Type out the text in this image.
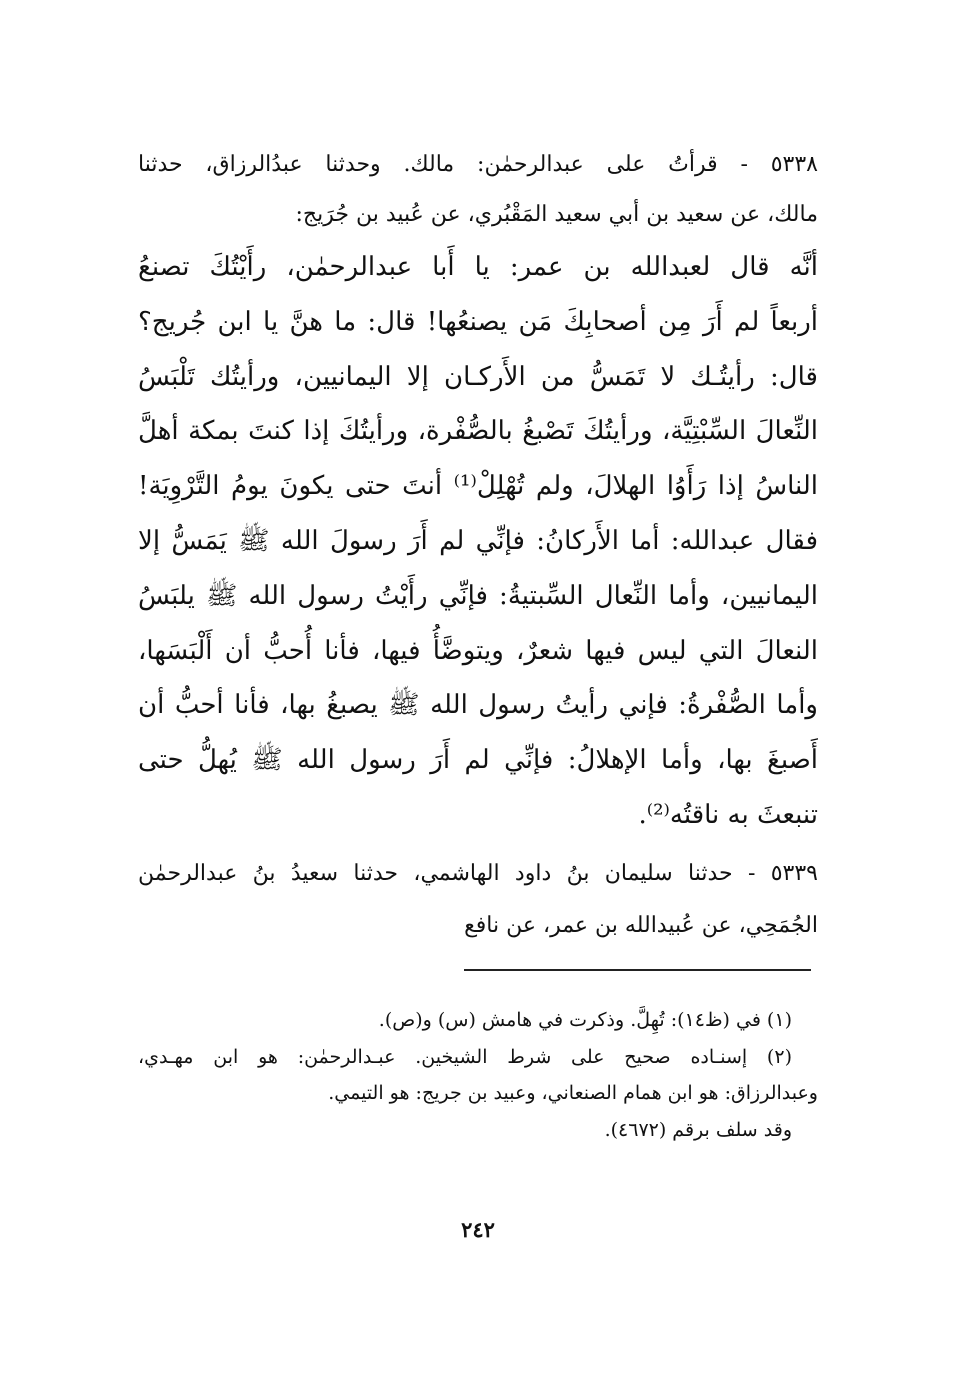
٥٣٣٨ - قرأتُ على عبدالرحمٰن: مالك. وحدثنا عبدُالرزاق، حدثنا
مالك، عن سعيد بن أبي سعيد المَقْبُري، عن عُبيد بن جُرَيج:
أنَّه قال لعبدالله بن عمر: يا أَبا عبدالرحمٰن، رأَيْتُكَ تصنعُ
أربعاً لم أَرَ مِن أصحابِكَ مَن يصنعُها! قال: ما هنَّ يا ابن جُريج؟
قال: رأيتُـك لا تَمَسُّ من الأَركـان إلا اليمانيين، ورأيتُك تَلْبَسُ
النِّعالَ السِّبْتِيَّة، ورأيتُكَ تَصْبغُ بالصُّفْرة، ورأيتُكَ إذا كنتَ بمكة أهلَّ
الناسُ إذا رَأَوُا الهلالَ، ولم تُهْلِلْ⁽¹⁾ أنتَ حتى يكونَ يومُ التَّرْوِيَة!
فقال عبدالله: أما الأَركانُ: فإنِّي لم أَرَ رسولَ الله ﷺ يَمَسُّ إلا
اليمانيين، وأما النِّعال السِّبتيةُ: فإنِّي رأَيْتُ رسول الله ﷺ يلبَسُ
النعالَ التي ليس فيها شعرٌ، ويتوضَّأُ فيها، فأنا أُحبُّ أن أَلْبَسَها،
وأما الصُّفْرةُ: فإني رأيتُ رسول الله ﷺ يصبغُ بها، فأنا أحبُّ أن
أَصبغَ بها، وأما الإهلالُ: فإنِّي لم أَرَ رسول الله ﷺ يُهلُّ حتى
تنبعثَ به ناقتُه⁽²⁾.
٥٣٣٩ - حدثنا سليمان بنُ داود الهاشمي، حدثنا سعيدُ بنُ عبدالرحمٰن الجُمَحِي، عن عُبيدالله بن عمر، عن نافع
(١) في (ظ١٤): تُهِلَّ. وذكرت في هامش (س) و(ص).
(٢) إسنـاده صحيح على شرط الشيخين. عبـدالرحمٰن: هو ابن مهـدي،
وعبدالرزاق: هو ابن همام الصنعاني، وعبيد بن جريج: هو التيمي.
وقد سلف برقم (٤٦٧٢).
٢٤٢
